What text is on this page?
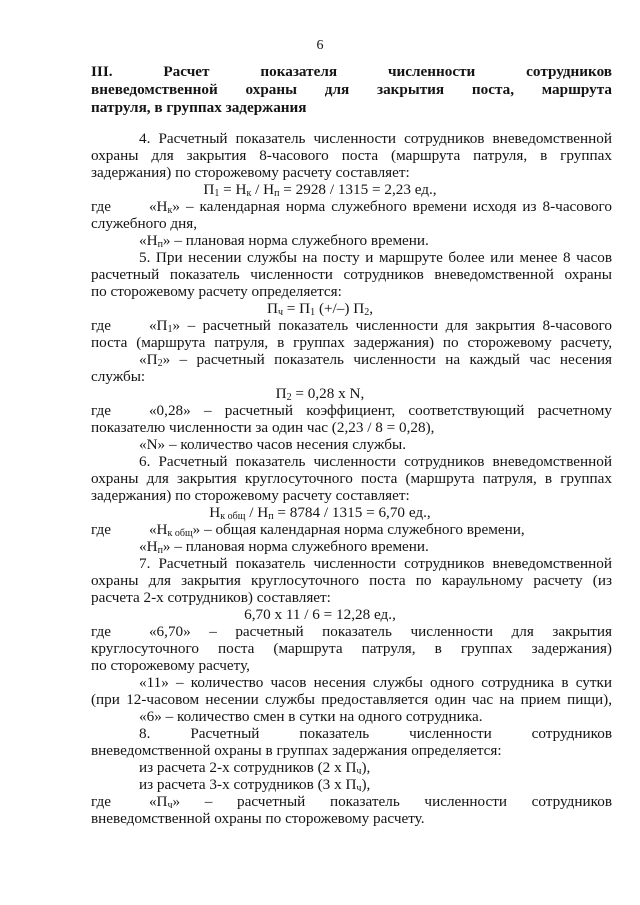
6
III. Расчет показателя численности сотрудников
вневедомственной охраны для закрытия поста, маршрута
патруля, в группах задержания
4. Расчетный показатель численности сотрудников вневедомственной
охраны для закрытия 8-часового поста (маршрута патруля, в группах
задержания) по сторожевому расчету составляет:
$П_1 = Н_к / Н_п = 2928 / 1315 = 2,23$ ед.,
где	«$Н_к$» – календарная норма служебного времени исходя из 8-часового
служебного дня,
«$Н_п$» – плановая норма служебного времени.
5. При несении службы на посту и маршруте более или менее 8 часов
расчетный показатель численности сотрудников вневедомственной охраны
по сторожевому расчету определяется:
$П_ч = П_1$ (+/–) $П_2$,
где	«$П_1$» – расчетный показатель численности для закрытия 8-часового
поста (маршрута патруля, в группах задержания) по сторожевому расчету,
«$П_2$» – расчетный показатель численности на каждый час несения
службы:
$П_2 = 0,28$ х N,
где	«0,28» – расчетный коэффициент, соответствующий расчетному
показателю численности за один час (2,23 / 8 = 0,28),
«N» – количество часов несения службы.
6. Расчетный показатель численности сотрудников вневедомственной
охраны для закрытия круглосуточного поста (маршрута патруля, в группах
задержания) по сторожевому расчету составляет:
$Н_{к общ} / Н_п = 8784 / 1315 = 6,70$ ед.,
где	«$Н_{к общ}$» – общая календарная норма служебного времени,
«$Н_п$» – плановая норма служебного времени.
7. Расчетный показатель численности сотрудников вневедомственной
охраны для закрытия круглосуточного поста по караульному расчету (из
расчета 2-х сотрудников) составляет:
6,70 х 11 / 6 = 12,28 ед.,
где	«6,70» – расчетный показатель численности для закрытия
круглосуточного поста (маршрута патруля, в группах задержания)
по сторожевому расчету,
«11» – количество часов несения службы одного сотрудника в сутки
(при 12-часовом несении службы предоставляется один час на прием пищи),
«6» – количество смен в сутки на одного сотрудника.
8. Расчетный показатель численности сотрудников
вневедомственной охраны в группах задержания определяется:
из расчета 2-х сотрудников (2 х $П_ч$),
из расчета 3-х сотрудников (3 х $П_ч$),
где	«$П_ч$» – расчетный показатель численности сотрудников
вневедомственной охраны по сторожевому расчету.
